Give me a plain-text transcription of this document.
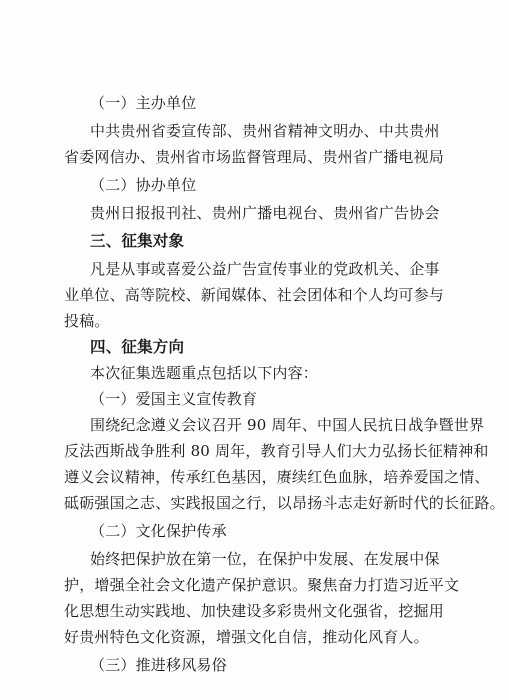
（一）主办单位
中共贵州省委宣传部、贵州省精神文明办、中共贵州
省委网信办、贵州省市场监督管理局、贵州省广播电视局
（二）协办单位
贵州日报报刊社、贵州广播电视台、贵州省广告协会
三、征集对象
凡是从事或喜爱公益广告宣传事业的党政机关、企事
业单位、高等院校、新闻媒体、社会团体和个人均可参与
投稿。
四、征集方向
本次征集选题重点包括以下内容：
（一）爱国主义宣传教育
围绕纪念遵义会议召开 90 周年、中国人民抗日战争暨世界
反法西斯战争胜利 80 周年，教育引导人们大力弘扬长征精神和
遵义会议精神，传承红色基因，赓续红色血脉，培养爱国之情、
砥砺强国之志、实践报国之行，以昂扬斗志走好新时代的长征路。
（二）文化保护传承
始终把保护放在第一位，在保护中发展、在发展中保
护，增强全社会文化遗产保护意识。聚焦奋力打造习近平文
化思想生动实践地、加快建设多彩贵州文化强省，挖掘用
好贵州特色文化资源，增强文化自信，推动化风育人。
（三）推进移风易俗
